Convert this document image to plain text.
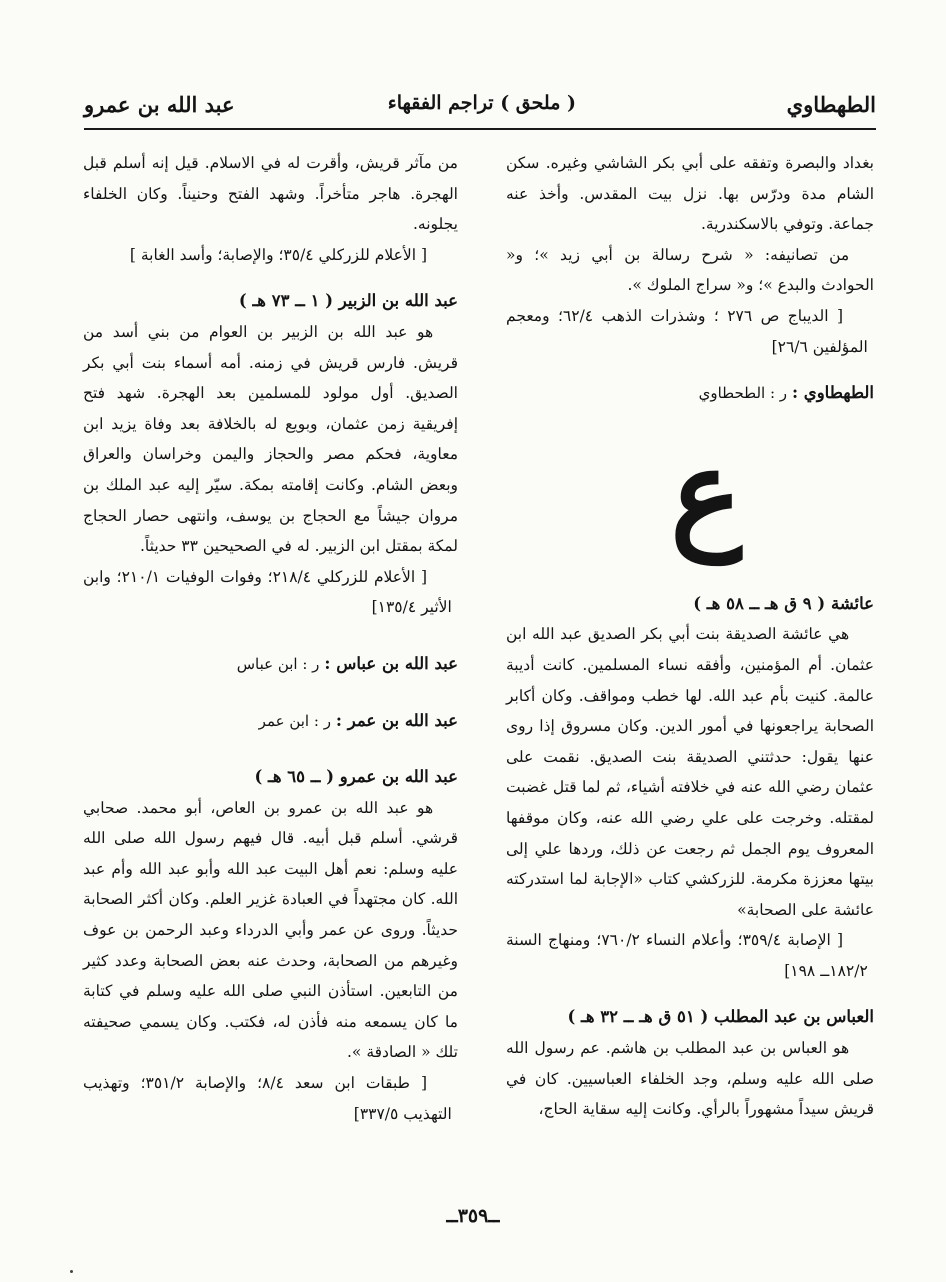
الطهطاوي
( ملحق ) تراجم الفقهاء
عبد الله بن عمرو

بغداد والبصرة وتفقه على أبي بكر الشاشي وغيره. سكن الشام مدة ودرّس بها. نزل بيت المقدس. وأخذ عنه جماعة. وتوفي بالاسكندرية.

من تصانيفه: « شرح رسالة بن أبي زيد »؛ و« الحوادث والبدع »؛ و« سراج الملوك ».

[ الديباج ص ٢٧٦ ؛ وشذرات الذهب ٦٢/٤؛ ومعجم المؤلفين ٢٦/٦]

الطهطاوي : ر : الطحطاوي

ع

عائشة ( ٩ ق هـ ــ ٥٨ هـ )

هي عائشة الصديقة بنت أبي بكر الصديق عبد الله ابن عثمان. أم المؤمنين، وأفقه نساء المسلمين. كانت أديبة عالمة. كنيت بأم عبد الله. لها خطب ومواقف. وكان أكابر الصحابة يراجعونها في أمور الدين. وكان مسروق إذا روى عنها يقول: حدثتني الصديقة بنت الصديق. نقمت على عثمان رضي الله عنه في خلافته أشياء، ثم لما قتل غضبت لمقتله. وخرجت على علي رضي الله عنه، وكان موقفها المعروف يوم الجمل ثم رجعت عن ذلك، وردها علي إلى بيتها معززة مكرمة. للزركشي كتاب «الإجابة لما استدركته عائشة على الصحابة»

[ الإصابة ٣٥٩/٤؛ وأعلام النساء ٧٦٠/٢؛ ومنهاج السنة ١٨٢/٢ــ ١٩٨]

العباس بن عبد المطلب ( ٥١ ق هـ ــ ٣٢ هـ )

هو العباس بن عبد المطلب بن هاشم. عم رسول الله صلى الله عليه وسلم، وجد الخلفاء العباسيين. كان في قريش سيداً مشهوراً بالرأي. وكانت إليه سقاية الحاج،

من مآثر قريش، وأقرت له في الاسلام. قيل إنه أسلم قبل الهجرة. هاجر متأخراً. وشهد الفتح وحنيناً. وكان الخلفاء يجلونه.

[ الأعلام للزركلي ٣٥/٤؛ والإصابة؛ وأسد الغابة ]

عبد الله بن الزبير ( ١ ــ ٧٣ هـ )

هو عبد الله بن الزبير بن العوام من بني أسد من قريش. فارس قريش في زمنه. أمه أسماء بنت أبي بكر الصديق. أول مولود للمسلمين بعد الهجرة. شهد فتح إفريقية زمن عثمان، وبويع له بالخلافة بعد وفاة يزيد ابن معاوية، فحكم مصر والحجاز واليمن وخراسان والعراق وبعض الشام. وكانت إقامته بمكة. سيّر إليه عبد الملك بن مروان جيشاً مع الحجاج بن يوسف، وانتهى حصار الحجاج لمكة بمقتل ابن الزبير. له في الصحيحين ٣٣ حديثاً.

[ الأعلام للزركلي ٢١٨/٤؛ وفوات الوفيات ٢١٠/١؛ وابن الأثير ١٣٥/٤]

عبد الله بن عباس : ر : ابن عباس

عبد الله بن عمر : ر : ابن عمر

عبد الله بن عمرو ( ــ ٦٥ هـ )

هو عبد الله بن عمرو بن العاص، أبو محمد. صحابي قرشي. أسلم قبل أبيه. قال فيهم رسول الله صلى الله عليه وسلم: نعم أهل البيت عبد الله وأبو عبد الله وأم عبد الله. كان مجتهداً في العبادة غزير العلم. وكان أكثر الصحابة حديثاً. وروى عن عمر وأبي الدرداء وعبد الرحمن بن عوف وغيرهم من الصحابة، وحدث عنه بعض الصحابة وعدد كثير من التابعين. استأذن النبي صلى الله عليه وسلم في كتابة ما كان يسمعه منه فأذن له، فكتب. وكان يسمي صحيفته تلك « الصادقة ».

[ طبقات ابن سعد ٨/٤؛ والإصابة ٣٥١/٢؛ وتهذيب التهذيب ٣٣٧/٥]

ــ٣٥٩ــ
